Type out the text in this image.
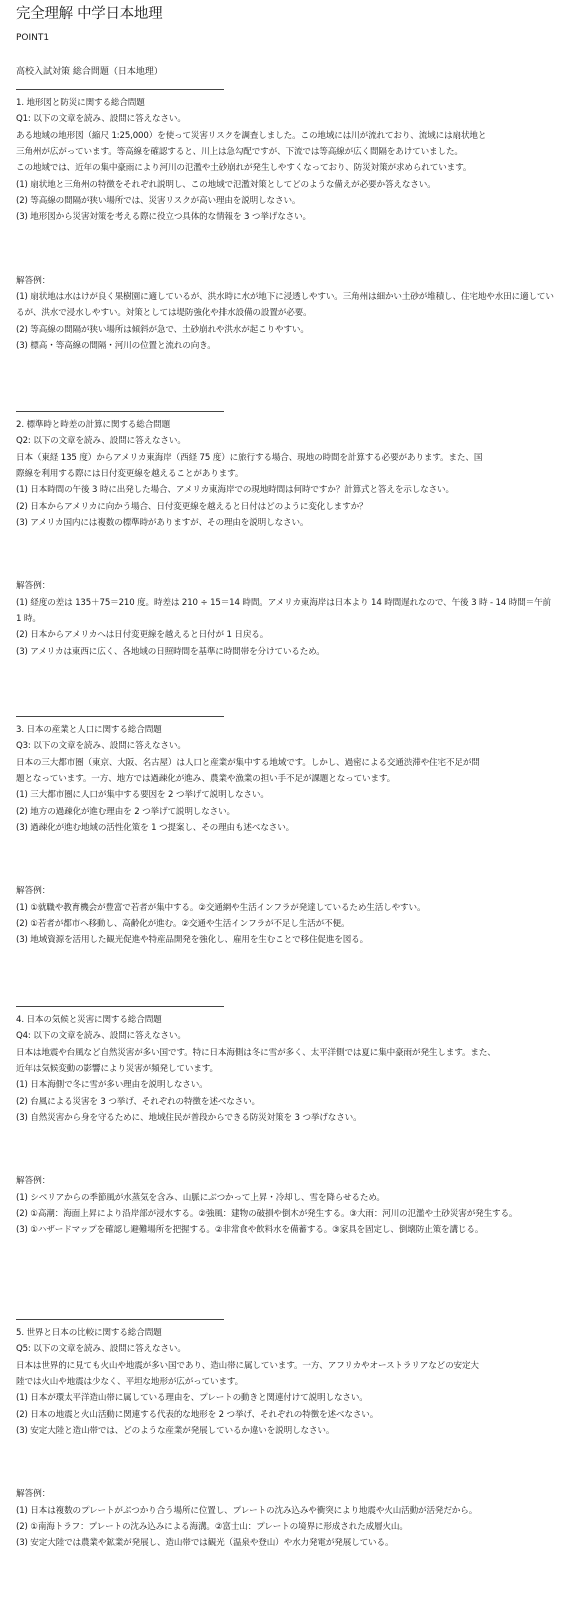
完全理解 中学日本地理
POINT1
高校入試対策 総合問題（日本地理）
1. 地形図と防災に関する総合問題
Q1: 以下の文章を読み、設問に答えなさい。
ある地域の地形図（縮尺 1:25,000）を使って災害リスクを調査しました。この地域には川が流れており、流域には扇状地と
三角州が広がっています。等高線を確認すると、川上は急勾配ですが、下流では等高線が広く間隔をあけていました。
この地域では、近年の集中豪雨により河川の氾濫や土砂崩れが発生しやすくなっており、防災対策が求められています。
(1) 扇状地と三角州の特徴をそれぞれ説明し、この地域で氾濫対策としてどのような備えが必要か答えなさい。
(2) 等高線の間隔が狭い場所では、災害リスクが高い理由を説明しなさい。
(3) 地形図から災害対策を考える際に役立つ具体的な情報を 3 つ挙げなさい。
解答例：
(1) 扇状地は水はけが良く果樹園に適しているが、洪水時に水が地下に浸透しやすい。三角州は細かい土砂が堆積し、住宅地や水田に適しているが、洪水で浸水しやすい。対策としては堤防強化や排水設備の設置が必要。
(2) 等高線の間隔が狭い場所は傾斜が急で、土砂崩れや洪水が起こりやすい。
(3) 標高・等高線の間隔・河川の位置と流れの向き。
2. 標準時と時差の計算に関する総合問題
Q2: 以下の文章を読み、設問に答えなさい。
日本（東経 135 度）からアメリカ東海岸（西経 75 度）に旅行する場合、現地の時間を計算する必要があります。また、国
際線を利用する際には日付変更線を越えることがあります。
(1) 日本時間の午後 3 時に出発した場合、アメリカ東海岸での現地時間は何時ですか？計算式と答えを示しなさい。
(2) 日本からアメリカに向かう場合、日付変更線を越えると日付はどのように変化しますか？
(3) アメリカ国内には複数の標準時がありますが、その理由を説明しなさい。
解答例：
(1) 経度の差は 135＋75＝210 度。時差は 210 ÷ 15＝14 時間。アメリカ東海岸は日本より 14 時間遅れなので、午後 3 時 - 14 時間＝午前 1 時。
(2) 日本からアメリカへは日付変更線を越えると日付が 1 日戻る。
(3) アメリカは東西に広く、各地域の日照時間を基準に時間帯を分けているため。
3. 日本の産業と人口に関する総合問題
Q3: 以下の文章を読み、設問に答えなさい。
日本の三大都市圏（東京、大阪、名古屋）は人口と産業が集中する地域です。しかし、過密による交通渋滞や住宅不足が問
題となっています。一方、地方では過疎化が進み、農業や漁業の担い手不足が課題となっています。
(1) 三大都市圏に人口が集中する要因を 2 つ挙げて説明しなさい。
(2) 地方の過疎化が進む理由を 2 つ挙げて説明しなさい。
(3) 過疎化が進む地域の活性化策を 1 つ提案し、その理由も述べなさい。
解答例：
(1) ①就職や教育機会が豊富で若者が集中する。②交通網や生活インフラが発達しているため生活しやすい。
(2) ①若者が都市へ移動し、高齢化が進む。②交通や生活インフラが不足し生活が不便。
(3) 地域資源を活用した観光促進や特産品開発を強化し、雇用を生むことで移住促進を図る。
4. 日本の気候と災害に関する総合問題
Q4: 以下の文章を読み、設問に答えなさい。
日本は地震や台風など自然災害が多い国です。特に日本海側は冬に雪が多く、太平洋側では夏に集中豪雨が発生します。また、
近年は気候変動の影響により災害が頻発しています。
(1) 日本海側で冬に雪が多い理由を説明しなさい。
(2) 台風による災害を 3 つ挙げ、それぞれの特徴を述べなさい。
(3) 自然災害から身を守るために、地域住民が普段からできる防災対策を 3 つ挙げなさい。
解答例：
(1) シベリアからの季節風が水蒸気を含み、山脈にぶつかって上昇・冷却し、雪を降らせるため。
(2) ①高潮：海面上昇により沿岸部が浸水する。②強風：建物の破損や倒木が発生する。③大雨：河川の氾濫や土砂災害が発生する。
(3) ①ハザードマップを確認し避難場所を把握する。②非常食や飲料水を備蓄する。③家具を固定し、倒壊防止策を講じる。
5. 世界と日本の比較に関する総合問題
Q5: 以下の文章を読み、設問に答えなさい。
日本は世界的に見ても火山や地震が多い国であり、造山帯に属しています。一方、アフリカやオーストラリアなどの安定大
陸では火山や地震は少なく、平坦な地形が広がっています。
(1) 日本が環太平洋造山帯に属している理由を、プレートの動きと関連付けて説明しなさい。
(2) 日本の地震と火山活動に関連する代表的な地形を 2 つ挙げ、それぞれの特徴を述べなさい。
(3) 安定大陸と造山帯では、どのような産業が発展しているか違いを説明しなさい。
解答例：
(1) 日本は複数のプレートがぶつかり合う場所に位置し、プレートの沈み込みや衝突により地震や火山活動が活発だから。
(2) ①南海トラフ：プレートの沈み込みによる海溝。②富士山：プレートの境界に形成された成層火山。
(3) 安定大陸では農業や鉱業が発展し、造山帯では観光（温泉や登山）や水力発電が発展している。
